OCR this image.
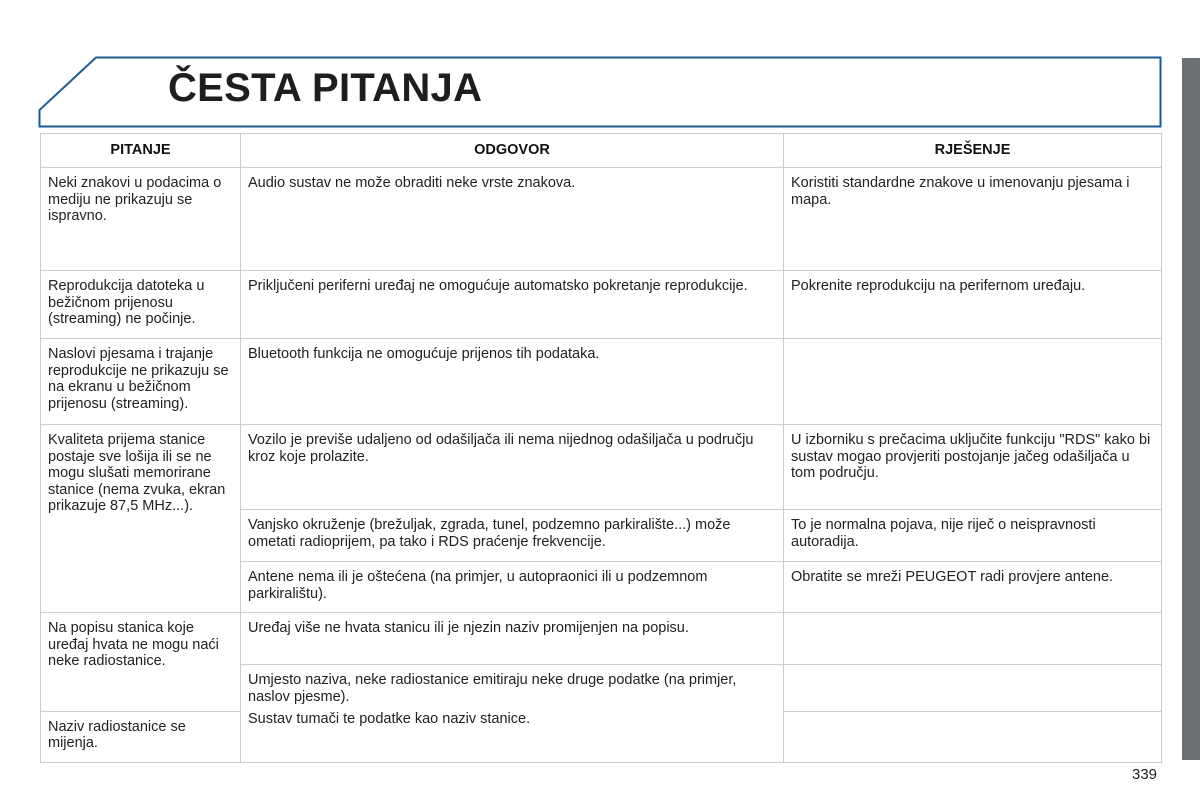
ČESTA PITANJA
PITANJE	ODGOVOR	RJEŠENJE
Neki znakovi u podacima o mediju ne prikazuju se ispravno.	Audio sustav ne može obraditi neke vrste znakova.	Koristiti standardne znakove u imenovanju pjesama i mapa.
Reprodukcija datoteka u bežičnom prijenosu (streaming) ne počinje.	Priključeni periferni uređaj ne omogućuje automatsko pokretanje reprodukcije.	Pokrenite reprodukciju na perifernom uređaju.
Naslovi pjesama i trajanje reprodukcije ne prikazuju se na ekranu u bežičnom prijenosu (streaming).	Bluetooth funkcija ne omogućuje prijenos tih podataka.	
Kvaliteta prijema stanice postaje sve lošija ili se ne mogu slušati memorirane stanice (nema zvuka, ekran prikazuje 87,5 MHz...).	Vozilo je previše udaljeno od odašiljača ili nema nijednog odašiljača u području kroz koje prolazite.	U izborniku s prečacima uključite funkciju "RDS" kako bi sustav mogao provjeriti postojanje jačeg odašiljača u tom području.
	Vanjsko okruženje (brežuljak, zgrada, tunel, podzemno parkiralište...) može ometati radioprijem, pa tako i RDS praćenje frekvencije.	To je normalna pojava, nije riječ o neispravnosti autoradija.
	Antene nema ili je oštećena (na primjer, u autopraonici ili u podzemnom parkiralištu).	Obratite se mreži PEUGEOT radi provjere antene.
Na popisu stanica koje uređaj hvata ne mogu naći neke radiostanice.	Uređaj više ne hvata stanicu ili je njezin naziv promijenjen na popisu.	
	Umjesto naziva, neke radiostanice emitiraju neke druge podatke (na primjer, naslov pjesme).	
Naziv radiostanice se mijenja.	Sustav tumači te podatke kao naziv stanice.	
339
